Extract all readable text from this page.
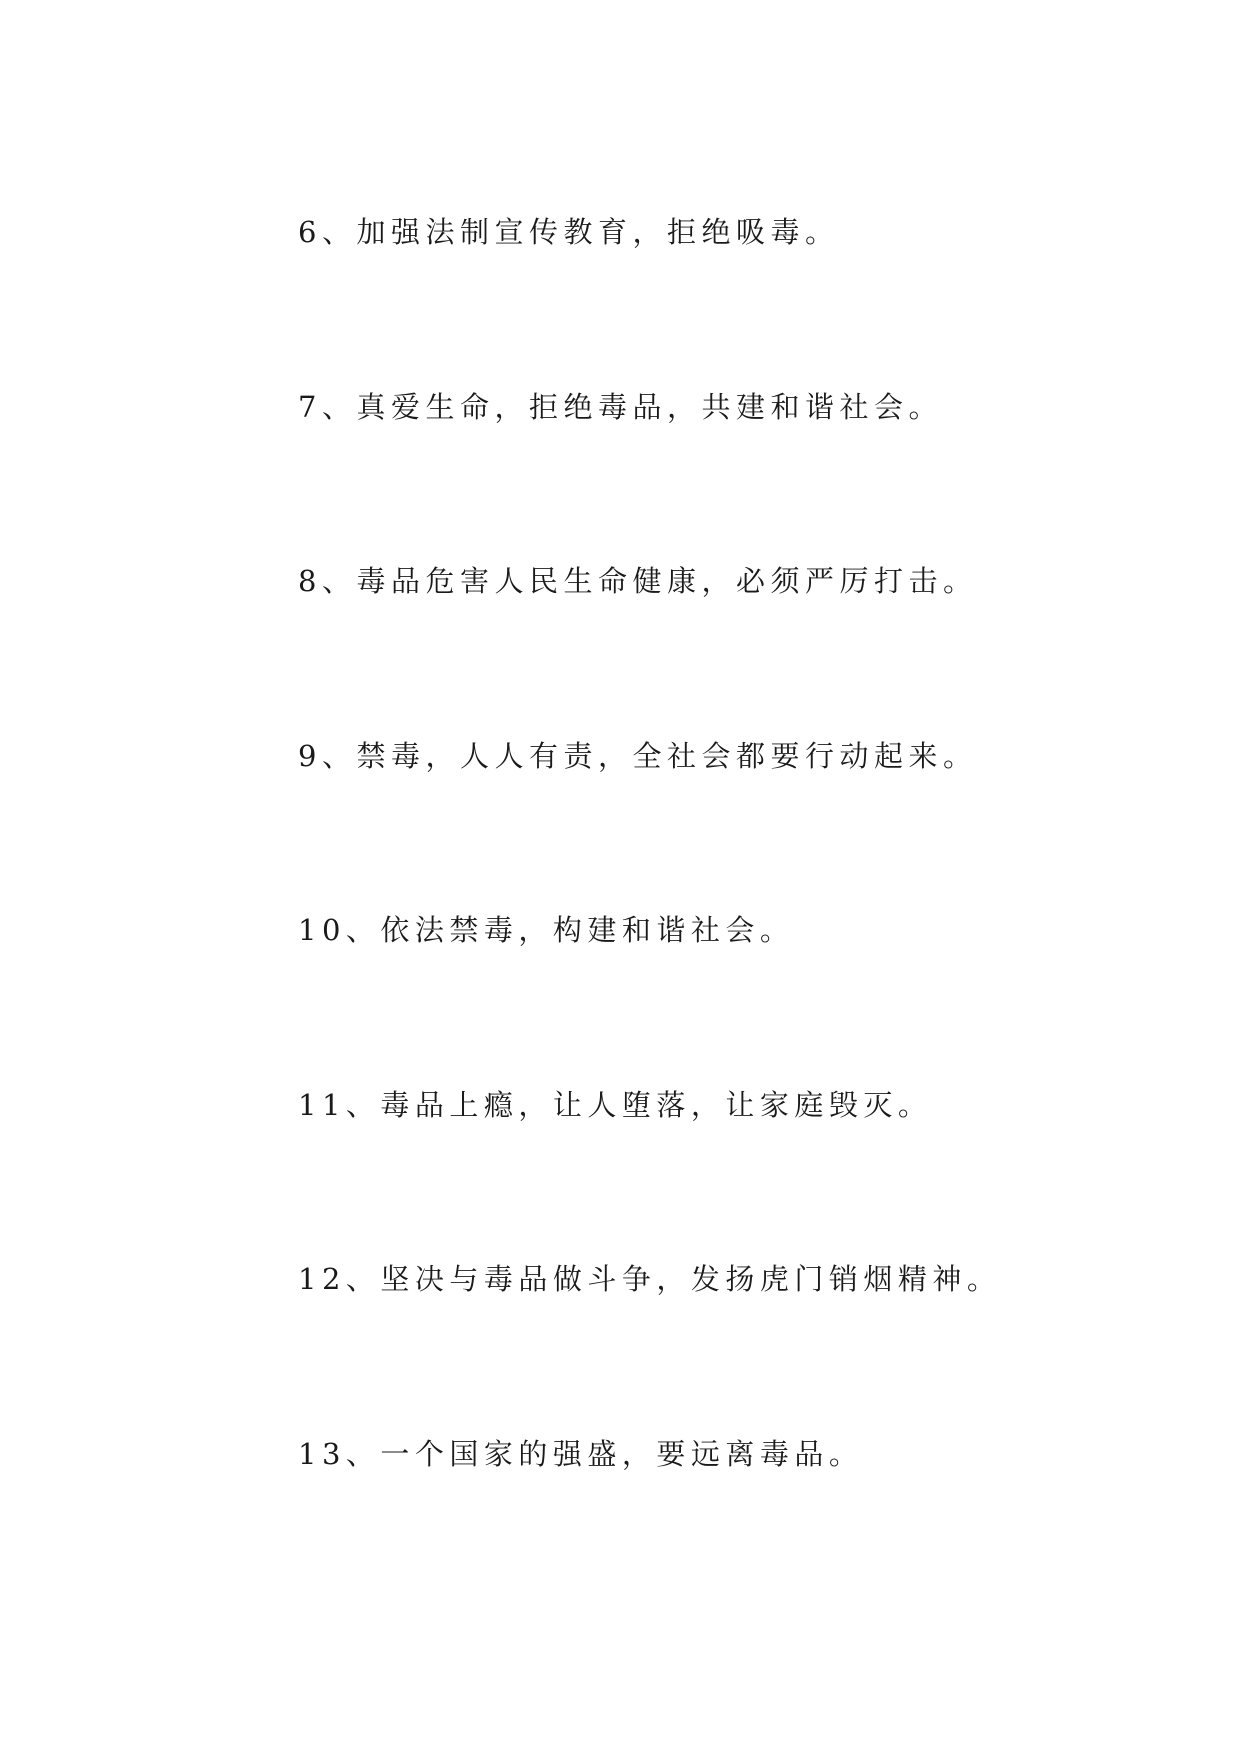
6、加强法制宣传教育，拒绝吸毒。
7、真爱生命，拒绝毒品，共建和谐社会。
8、毒品危害人民生命健康，必须严厉打击。
9、禁毒，人人有责，全社会都要行动起来。
10、依法禁毒，构建和谐社会。
11、毒品上瘾，让人堕落，让家庭毁灭。
12、坚决与毒品做斗争，发扬虎门销烟精神。
13、一个国家的强盛，要远离毒品。
